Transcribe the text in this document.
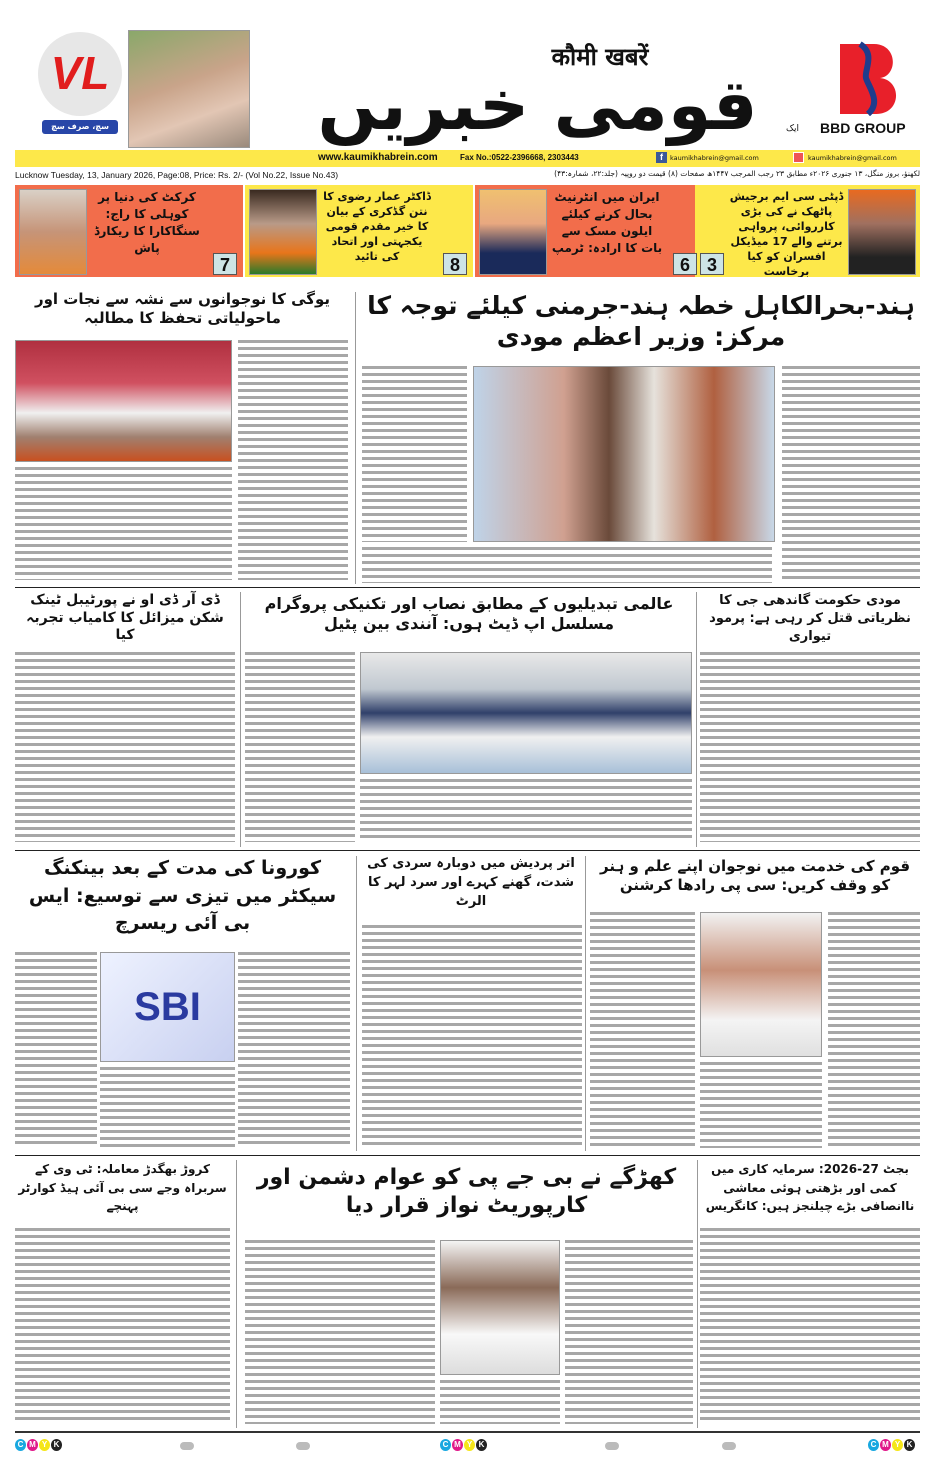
VL
سچ، صرف سچ
कौमी खबरें
قومی خبریں	ایک BBD GROUP
www.kaumikhabrein.com	Fax No.:0522-2396668, 2303443	f	kaumikhabrein@gmail.com	kaumikhabrein@gmail.com
Lucknow Tuesday, 13, January 2026, Page:08, Price: Rs. 2/- (Vol No.22, Issue No.43)	لکھنؤ، بروز منگل، ۱۳ جنوری ۲۰۲۶ء مطابق ۲۳ رجب المرجب ۱۴۴۷ھ صفحات (۸) قیمت دو روپیہ (جلد:۲۲، شمارہ:۴۳)
کرکٹ کی دنیا پر کوہلی کا راج: سنگاکارا کا ریکارڈ پاش
7
ڈاکٹر عمار رضوی کا نتن گڈکری کے بیان کا خیر مقدم قومی یکجہتی اور اتحاد کی تائید	8
ایران میں انٹرنیٹ بحال کرنے کیلئے ایلون مسک سے بات کا ارادہ: ٹرمپ
6
ڈپٹی سی ایم برجیش پاٹھک نے کی بڑی کارروائی، پرواہی برتنے والے 17 میڈیکل افسران کو کیا برخاست
3
یوگی کا نوجوانوں سے نشہ سے نجات اور ماحولیاتی تحفظ کا مطالبہ	ہند-بحرالکاہل خطہ ہند-جرمنی کیلئے توجہ کا مرکز: وزیر اعظم مودی
ڈی آر ڈی او نے پورٹیبل ٹینک شکن میزائل کا کامیاب تجربہ کیا
عالمی تبدیلیوں کے مطابق نصاب اور تکنیکی پروگرام مسلسل اپ ڈیٹ ہوں: آنندی بین پٹیل
مودی حکومت گاندھی جی کا نظریاتی قتل کر رہی ہے: پرمود تیواری
کورونا کی مدت کے بعد بینکنگ سیکٹر میں تیزی سے توسیع: ایس بی آئی ریسرچ
اتر پردیش میں دوبارہ سردی کی شدت، گھنے کہرے اور سرد لہر کا الرٹ
قوم کی خدمت میں نوجوان اپنے علم و ہنر کو وقف کریں: سی پی رادھا کرشنن
SBI
کروڑ بھگدڑ معاملہ: ٹی وی کے سربراہ وجے سی بی آئی ہیڈ کوارٹر پہنچے
کھڑگے نے بی جے پی کو عوام دشمن اور کارپوریٹ نواز قرار دیا
بجٹ 27-2026: سرمایہ کاری میں کمی اور بڑھتی ہوئی معاشی ناانصافی بڑے چیلنجز ہیں: کانگریس
C M Y K	C M Y K	C M Y K
